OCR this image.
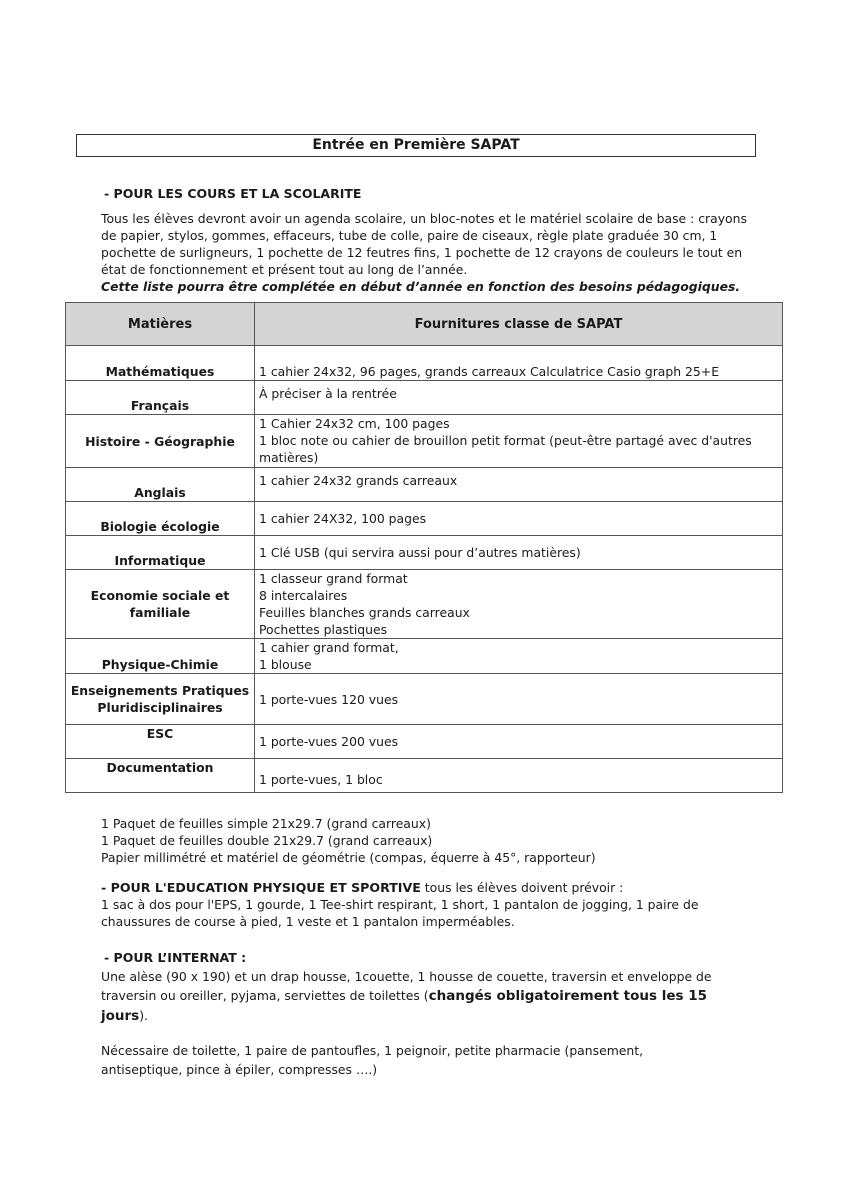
Entrée en Première SAPAT
- POUR LES COURS ET LA SCOLARITE
Tous les élèves devront avoir un agenda scolaire, un bloc-notes et le matériel scolaire de base : crayons
de papier, stylos, gommes, effaceurs, tube de colle, paire de ciseaux, règle plate graduée 30 cm, 1
pochette de surligneurs, 1 pochette de 12 feutres fins, 1 pochette de 12 crayons de couleurs le tout en
état de fonctionnement et présent tout au long de l’année.
Cette liste pourra être complétée en début d’année en fonction des besoins pédagogiques.
Matières	Fournitures classe de SAPAT
Mathématiques	1 cahier 24x32, 96 pages, grands carreaux Calculatrice Casio graph 25+E

Français	À préciser à la rentrée

Histoire - Géographie	1 Cahier 24x32 cm, 100 pages
1 bloc note ou cahier de brouillon petit format (peut-être partagé avec d'autres
matières)

Anglais	1 cahier 24x32 grands carreaux

Biologie écologie	1 cahier 24X32, 100 pages

Informatique	1 Clé USB (qui servira aussi pour d’autres matières)

Economie sociale et familiale	1 classeur grand format
8 intercalaires
Feuilles blanches grands carreaux
Pochettes plastiques

Physique-Chimie	1 cahier grand format,
1 blouse

Enseignements Pratiques Pluridisciplinaires	1 porte-vues 120 vues

ESC	1 porte-vues 200 vues

Documentation	1 porte-vues, 1 bloc
1 Paquet de feuilles simple 21x29.7 (grand carreaux)
1 Paquet de feuilles double 21x29.7 (grand carreaux)
Papier millimétré et matériel de géométrie (compas, équerre à 45°, rapporteur)
- POUR L'EDUCATION PHYSIQUE ET SPORTIVE tous les élèves doivent prévoir :
1 sac à dos pour l'EPS, 1 gourde, 1 Tee-shirt respirant, 1 short, 1 pantalon de jogging, 1 paire de
chaussures de course à pied, 1 veste et 1 pantalon imperméables.
- POUR L’INTERNAT :
Une alèse (90 x 190) et un drap housse, 1couette, 1 housse de couette, traversin et enveloppe de
traversin ou oreiller, pyjama, serviettes de toilettes (changés obligatoirement tous les 15 jours).
Nécessaire de toilette, 1 paire de pantoufles, 1 peignoir, petite pharmacie (pansement,
antiseptique, pince à épiler, compresses ….)
